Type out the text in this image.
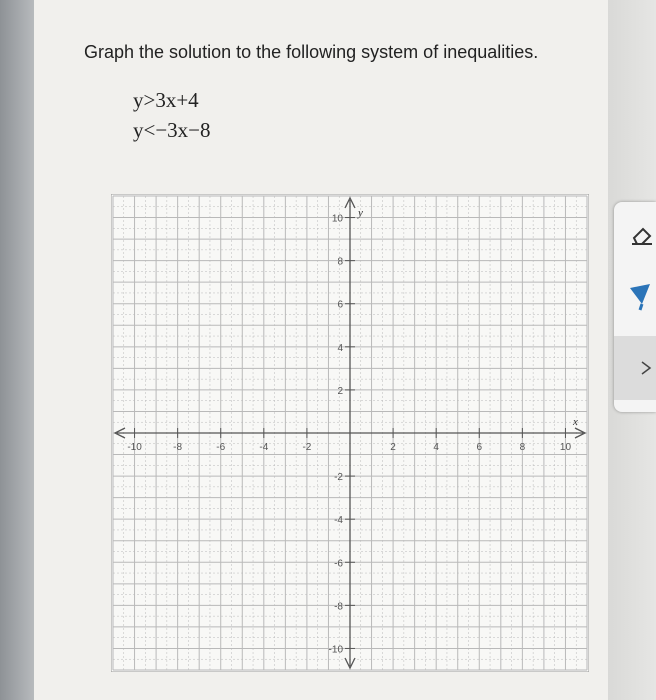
Graph the solution to the following system of inequalities.
y>3x+4
y<−3x−8
x
y
-10	-8	-6	-4	-2	2	4	6	8	10
10
8
6
4
2
-2
-4
-6
-8
-10
